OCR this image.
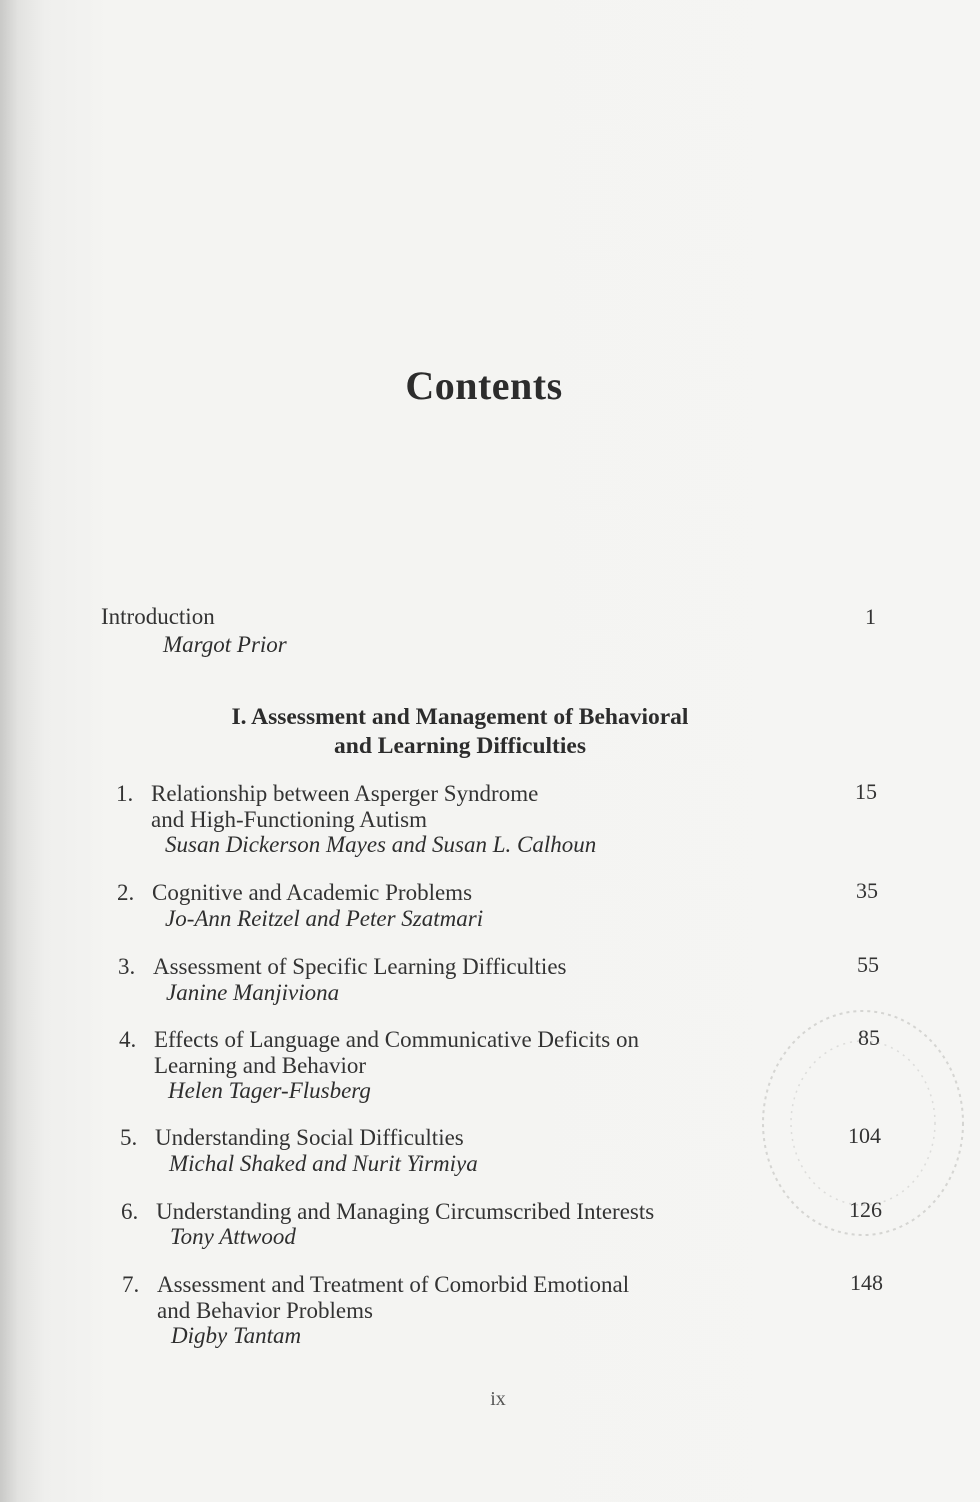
Contents
Introduction
Margot Prior
1
I. Assessment and Management of Behavioral
and Learning Difficulties
1. Relationship between Asperger Syndrome
and High-Functioning Autism
Susan Dickerson Mayes and Susan L. Calhoun
15
2. Cognitive and Academic Problems
Jo-Ann Reitzel and Peter Szatmari
35
3. Assessment of Specific Learning Difficulties
Janine Manjiviona
55
4. Effects of Language and Communicative Deficits on
Learning and Behavior
Helen Tager-Flusberg
85
5. Understanding Social Difficulties
Michal Shaked and Nurit Yirmiya
104
6. Understanding and Managing Circumscribed Interests
Tony Attwood
126
7. Assessment and Treatment of Comorbid Emotional
and Behavior Problems
Digby Tantam
148
ix
